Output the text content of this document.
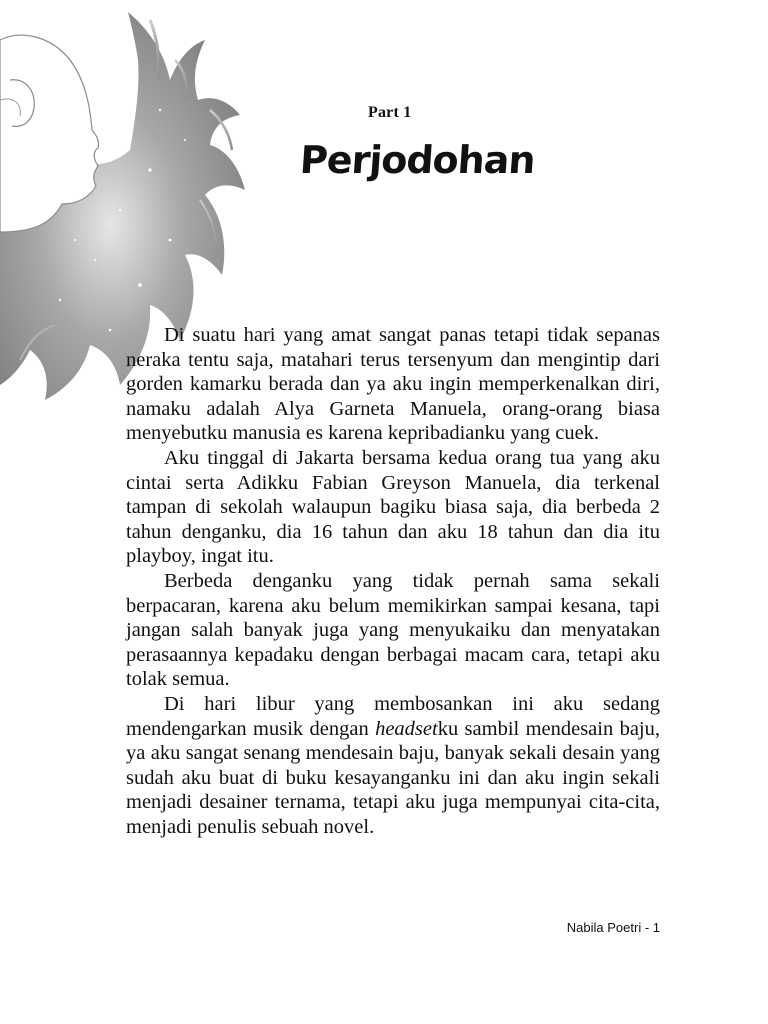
Part 1
Perjodohan

Di suatu hari yang amat sangat panas tetapi tidak sepanas neraka tentu saja, matahari terus tersenyum dan mengintip dari gorden kamarku berada dan ya aku ingin memperkenalkan diri, namaku adalah Alya Garneta Manuela, orang-orang biasa menyebutku manusia es karena kepribadianku yang cuek.

Aku tinggal di Jakarta bersama kedua orang tua yang aku cintai serta Adikku Fabian Greyson Manuela, dia terkenal tampan di sekolah walaupun bagiku biasa saja, dia berbeda 2 tahun denganku, dia 16 tahun dan aku 18 tahun dan dia itu playboy, ingat itu.

Berbeda denganku yang tidak pernah sama sekali berpacaran, karena aku belum memikirkan sampai kesana, tapi jangan salah banyak juga yang menyukaiku dan menyatakan perasaannya kepadaku dengan berbagai macam cara, tetapi aku tolak semua.

Di hari libur yang membosankan ini aku sedang mendengarkan musik dengan headsetku sambil mendesain baju, ya aku sangat senang mendesain baju, banyak sekali desain yang sudah aku buat di buku kesayanganku ini dan aku ingin sekali menjadi desainer ternama, tetapi aku juga mempunyai cita-cita, menjadi penulis sebuah novel.

Nabila Poetri - 1
